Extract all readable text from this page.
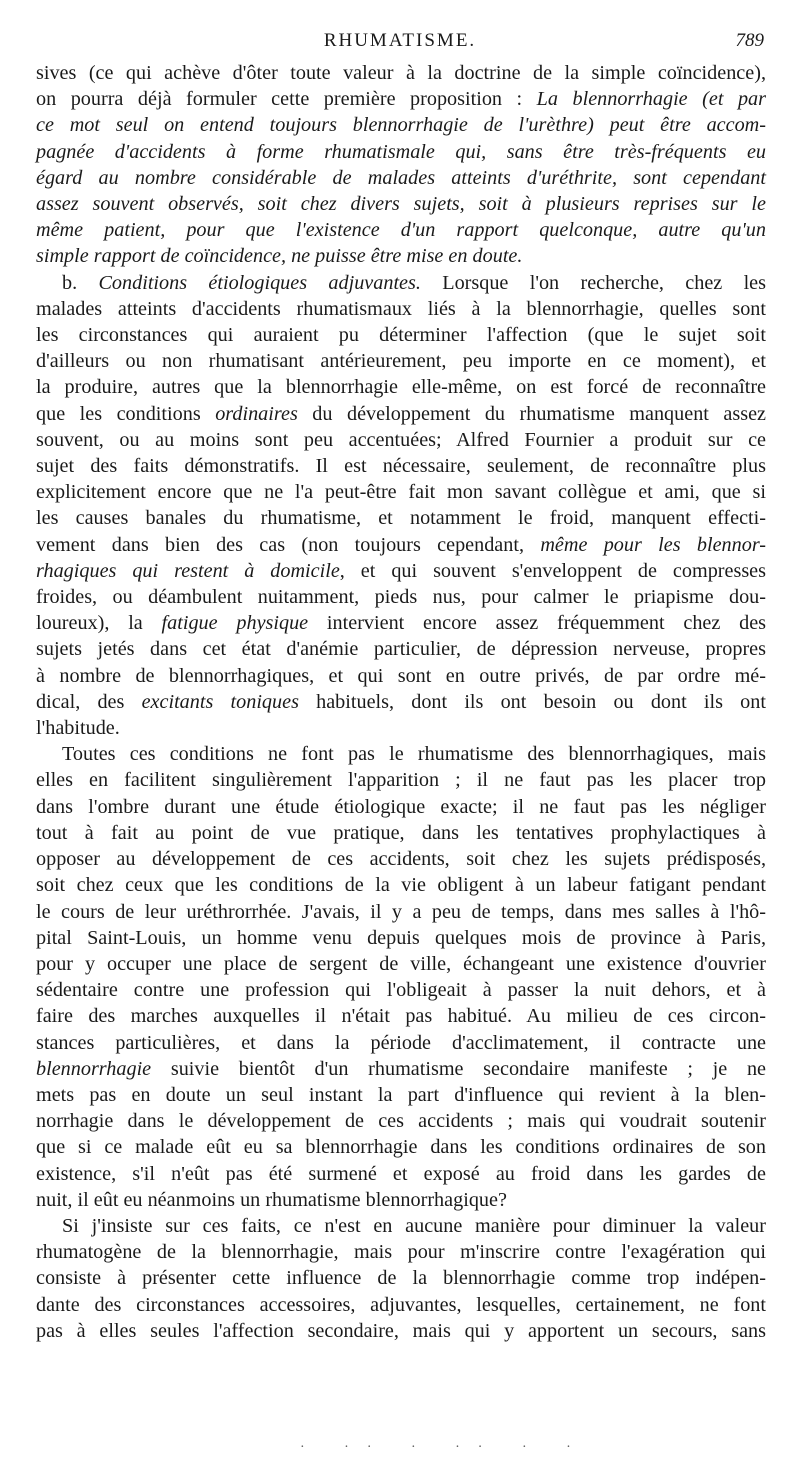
RHUMATISME.	789
sives (ce qui achève d'ôter toute valeur à la doctrine de la simple coïncidence),
on pourra déjà formuler cette première proposition : La blennorrhagie (et par
ce mot seul on entend toujours blennorrhagie de l'urèthre) peut être accom-
pagnée d'accidents à forme rhumatismale qui, sans être très-fréquents eu
égard au nombre considérable de malades atteints d'uréthrite, sont cependant
assez souvent observés, soit chez divers sujets, soit à plusieurs reprises sur le
même patient, pour que l'existence d'un rapport quelconque, autre qu'un
simple rapport de coïncidence, ne puisse être mise en doute.
b. Conditions étiologiques adjuvantes. Lorsque l'on recherche, chez les
malades atteints d'accidents rhumatismaux liés à la blennorrhagie, quelles sont
les circonstances qui auraient pu déterminer l'affection (que le sujet soit
d'ailleurs ou non rhumatisant antérieurement, peu importe en ce moment), et
la produire, autres que la blennorrhagie elle-même, on est forcé de reconnaître
que les conditions ordinaires du développement du rhumatisme manquent assez
souvent, ou au moins sont peu accentuées; Alfred Fournier a produit sur ce
sujet des faits démonstratifs. Il est nécessaire, seulement, de reconnaître plus
explicitement encore que ne l'a peut-être fait mon savant collègue et ami, que si
les causes banales du rhumatisme, et notamment le froid, manquent effecti-
vement dans bien des cas (non toujours cependant, même pour les blennor-
rhagiques qui restent à domicile, et qui souvent s'enveloppent de compresses
froides, ou déambulent nuitamment, pieds nus, pour calmer le priapisme dou-
loureux), la fatigue physique intervient encore assez fréquemment chez des
sujets jetés dans cet état d'anémie particulier, de dépression nerveuse, propres
à nombre de blennorrhagiques, et qui sont en outre privés, de par ordre mé-
dical, des excitants toniques habituels, dont ils ont besoin ou dont ils ont
l'habitude.
Toutes ces conditions ne font pas le rhumatisme des blennorrhagiques, mais
elles en facilitent singulièrement l'apparition ; il ne faut pas les placer trop
dans l'ombre durant une étude étiologique exacte; il ne faut pas les négliger
tout à fait au point de vue pratique, dans les tentatives prophylactiques à
opposer au développement de ces accidents, soit chez les sujets prédisposés,
soit chez ceux que les conditions de la vie obligent à un labeur fatigant pendant
le cours de leur uréthrorrhée. J'avais, il y a peu de temps, dans mes salles à l'hô-
pital Saint-Louis, un homme venu depuis quelques mois de province à Paris,
pour y occuper une place de sergent de ville, échangeant une existence d'ouvrier
sédentaire contre une profession qui l'obligeait à passer la nuit dehors, et à
faire des marches auxquelles il n'était pas habitué. Au milieu de ces circon-
stances particulières, et dans la période d'acclimatement, il contracte une
blennorrhagie suivie bientôt d'un rhumatisme secondaire manifeste ; je ne
mets pas en doute un seul instant la part d'influence qui revient à la blen-
norrhagie dans le développement de ces accidents ; mais qui voudrait soutenir
que si ce malade eût eu sa blennorrhagie dans les conditions ordinaires de son
existence, s'il n'eût pas été surmené et exposé au froid dans les gardes de
nuit, il eût eu néanmoins un rhumatisme blennorrhagique?
Si j'insiste sur ces faits, ce n'est en aucune manière pour diminuer la valeur
rhumatogène de la blennorrhagie, mais pour m'inscrire contre l'exagération qui
consiste à présenter cette influence de la blennorrhagie comme trop indépen-
dante des circonstances accessoires, adjuvantes, lesquelles, certainement, ne font
pas à elles seules l'affection secondaire, mais qui y apportent un secours, sans
· ·· · ·· · ·
